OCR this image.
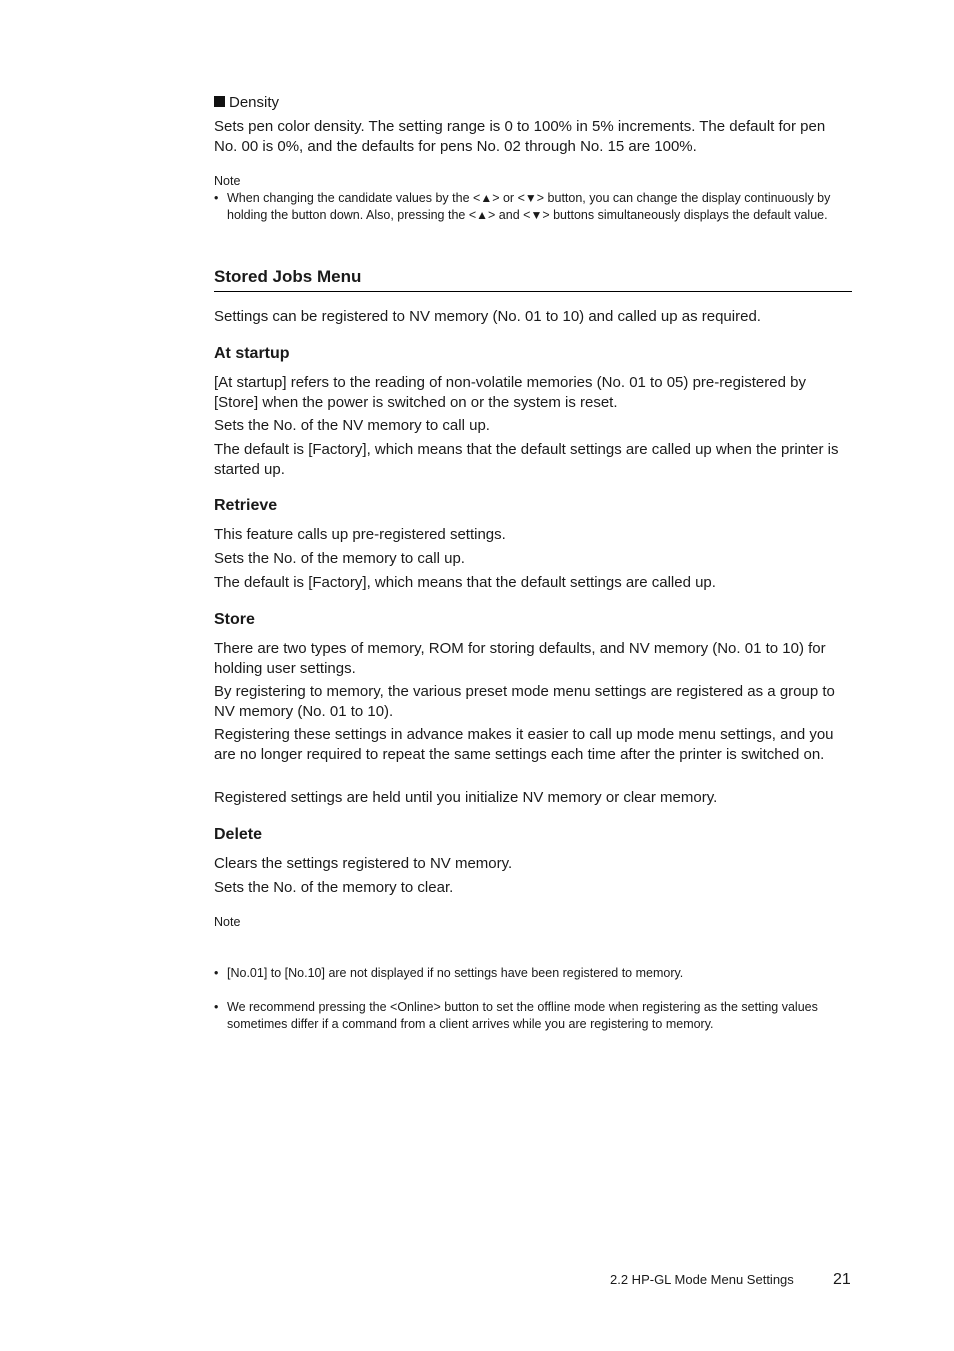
Density

Sets pen color density. The setting range is 0 to 100% in 5% increments. The default for pen No. 00 is 0%, and the defaults for pens No. 02 through No. 15 are 100%.

Note
• When changing the candidate values by the <▲> or <▼> button, you can change the display continuously by holding the button down. Also, pressing the <▲> and <▼> buttons simultaneously displays the default value.
Stored Jobs Menu

Settings can be registered to NV memory (No. 01 to 10) and called up as required.

At startup

[At startup] refers to the reading of non-volatile memories (No. 01 to 05) pre-registered by [Store] when the power is switched on or the system is reset.

Sets the No. of the NV memory to call up.

The default is [Factory], which means that the default settings are called up when the printer is started up.

Retrieve

This feature calls up pre-registered settings.

Sets the No. of the memory to call up.

The default is [Factory], which means that the default settings are called up.

Store

There are two types of memory, ROM for storing defaults, and NV memory (No. 01 to 10) for holding user settings.

By registering to memory, the various preset mode menu settings are registered as a group to NV memory (No. 01 to 10).

Registering these settings in advance makes it easier to call up mode menu settings, and you are no longer required to repeat the same settings each time after the printer is switched on.

Registered settings are held until you initialize NV memory or clear memory.

Delete

Clears the settings registered to NV memory.

Sets the No. of the memory to clear.

Note
• [No.01] to [No.10] are not displayed if no settings have been registered to memory.
• We recommend pressing the <Online> button to set the offline mode when registering as the setting values sometimes differ if a command from a client arrives while you are registering to memory.
2.2 HP-GL Mode Menu Settings 21
